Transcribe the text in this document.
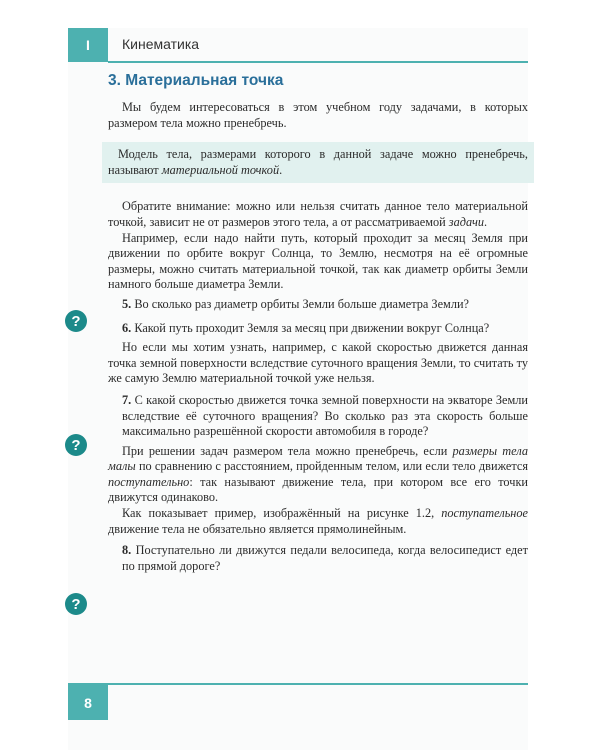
I	Кинематика
3. Материальная точка
?
?
?

Мы будем интересоваться в этом учебном году задачами, в которых размером тела можно пренебречь.

Модель тела, размерами которого в данной задаче можно пренебречь, называют материальной точкой.

Обратите внимание: можно или нельзя считать данное тело материальной точкой, зависит не от размеров этого тела, а от рассматриваемой задачи.

Например, если надо найти путь, который проходит за месяц Земля при движении по орбите вокруг Солнца, то Землю, несмотря на её огромные размеры, можно считать материальной точкой, так как диаметр орбиты Земли намного больше диаметра Земли.

5. Во сколько раз диаметр орбиты Земли больше диаметра Земли?

6. Какой путь проходит Земля за месяц при движении вокруг Солнца?

Но если мы хотим узнать, например, с какой скоростью движется данная точка земной поверхности вследствие суточного вращения Земли, то считать ту же самую Землю материальной точкой уже нельзя.

7. С какой скоростью движется точка земной поверхности на экваторе Земли вследствие её суточного вращения? Во сколько раз эта скорость больше максимально разрешённой скорости автомобиля в городе?

При решении задач размером тела можно пренебречь, если размеры тела малы по сравнению с расстоянием, пройденным телом, или если тело движется поступательно: так называют движение тела, при котором все его точки движутся одинаково.

Как показывает пример, изображённый на рисунке 1.2, поступательное движение тела не обязательно является прямолинейным.

8. Поступательно ли движутся педали велосипеда, когда велосипедист едет по прямой дороге?

8
